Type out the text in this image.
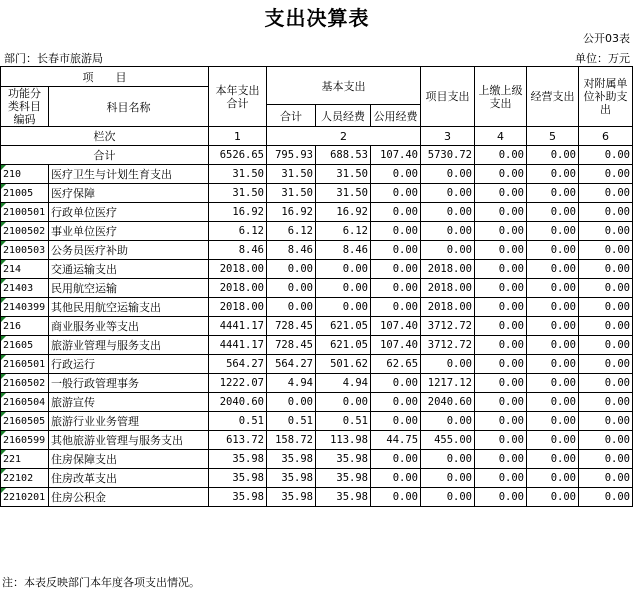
支出决算表
公开03表
部门：长春市旅游局	单位：万元
项　　目		本年支出合计	基本支出			项目支出	上缴上级支出	经营支出	对附属单位补助支出
功能分类科目编码	科目名称								
			合计	人员经费	公用经费				
栏次		1	2			3	4	5	6
合计		6526.65	795.93	688.53	107.40	5730.72	0.00	0.00	0.00
210	医疗卫生与计划生育支出	31.50	31.50	31.50	0.00	0.00	0.00	0.00	0.00
21005	医疗保障	31.50	31.50	31.50	0.00	0.00	0.00	0.00	0.00
2100501	行政单位医疗	16.92	16.92	16.92	0.00	0.00	0.00	0.00	0.00
2100502	事业单位医疗	6.12	6.12	6.12	0.00	0.00	0.00	0.00	0.00
2100503	公务员医疗补助	8.46	8.46	8.46	0.00	0.00	0.00	0.00	0.00
214	交通运输支出	2018.00	0.00	0.00	0.00	2018.00	0.00	0.00	0.00
21403	民用航空运输	2018.00	0.00	0.00	0.00	2018.00	0.00	0.00	0.00
2140399	其他民用航空运输支出	2018.00	0.00	0.00	0.00	2018.00	0.00	0.00	0.00
216	商业服务业等支出	4441.17	728.45	621.05	107.40	3712.72	0.00	0.00	0.00
21605	旅游业管理与服务支出	4441.17	728.45	621.05	107.40	3712.72	0.00	0.00	0.00
2160501	行政运行	564.27	564.27	501.62	62.65	0.00	0.00	0.00	0.00
2160502	一般行政管理事务	1222.07	4.94	4.94	0.00	1217.12	0.00	0.00	0.00
2160504	旅游宣传	2040.60	0.00	0.00	0.00	2040.60	0.00	0.00	0.00
2160505	旅游行业业务管理	0.51	0.51	0.51	0.00	0.00	0.00	0.00	0.00
2160599	其他旅游业管理与服务支出	613.72	158.72	113.98	44.75	455.00	0.00	0.00	0.00
221	住房保障支出	35.98	35.98	35.98	0.00	0.00	0.00	0.00	0.00
22102	住房改革支出	35.98	35.98	35.98	0.00	0.00	0.00	0.00	0.00
2210201	住房公积金	35.98	35.98	35.98	0.00	0.00	0.00	0.00	0.00
注：本表反映部门本年度各项支出情况。
